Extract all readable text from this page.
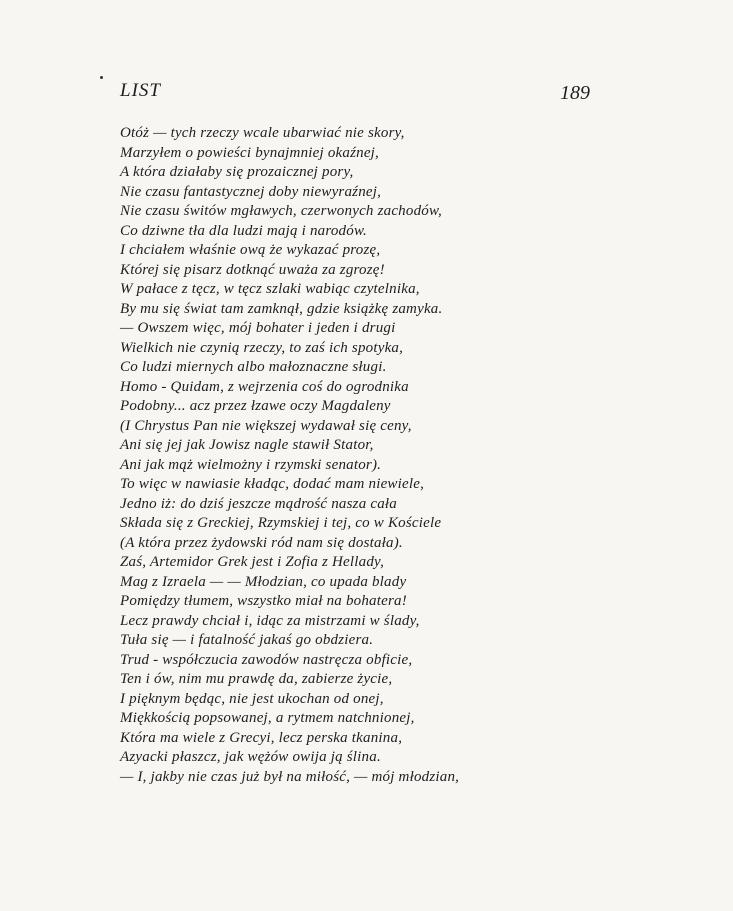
LIST	189
Otóż — tych rzeczy wcale ubarwiać nie skory,
Marzyłem o powieści bynajmniej okaźnej,
A która działaby się prozaicznej pory,
Nie czasu fantastycznej doby niewyraźnej,
Nie czasu świtów mgławych, czerwonych zachodów,
Co dziwne tła dla ludzi mają i narodów.
I chciałem właśnie ową że wykazać prozę,
Której się pisarz dotknąć uważa za zgrozę!
W pałace z tęcz, w tęcz szlaki wabiąc czytelnika,
By mu się świat tam zamknął, gdzie książkę zamyka.
— Owszem więc, mój bohater i jeden i drugi
Wielkich nie czynią rzeczy, to zaś ich spotyka,
Co ludzi miernych albo małoznaczne sługi.
Homo - Quidam, z wejrzenia coś do ogrodnika
Podobny... acz przez łzawe oczy Magdaleny
(I Chrystus Pan nie większej wydawał się ceny,
Ani się jej jak Jowisz nagle stawił Stator,
Ani jak mąż wielmożny i rzymski senator).
To więc w nawiasie kładąc, dodać mam niewiele,
Jedno iż: do dziś jeszcze mądrość nasza cała
Składa się z Greckiej, Rzymskiej i tej, co w Kościele
(A która przez żydowski ród nam się dostała).
Zaś, Artemidor Grek jest i Zofia z Hellady,
Mag z Izraela — — Młodzian, co upada blady
Pomiędzy tłumem, wszystko miał na bohatera!
Lecz prawdy chciał i, idąc za mistrzami w ślady,
Tuła się — i fatalność jakaś go obdziera.
Trud - współczucia zawodów nastręcza obficie,
Ten i ów, nim mu prawdę da, zabierze życie,
I pięknym będąc, nie jest ukochan od onej,
Miękkością popsowanej, a rytmem natchnionej,
Która ma wiele z Grecyi, lecz perska tkanina,
Azyacki płaszcz, jak wężów owija ją ślina.
— I, jakby nie czas już był na miłość, — mój młodzian,
